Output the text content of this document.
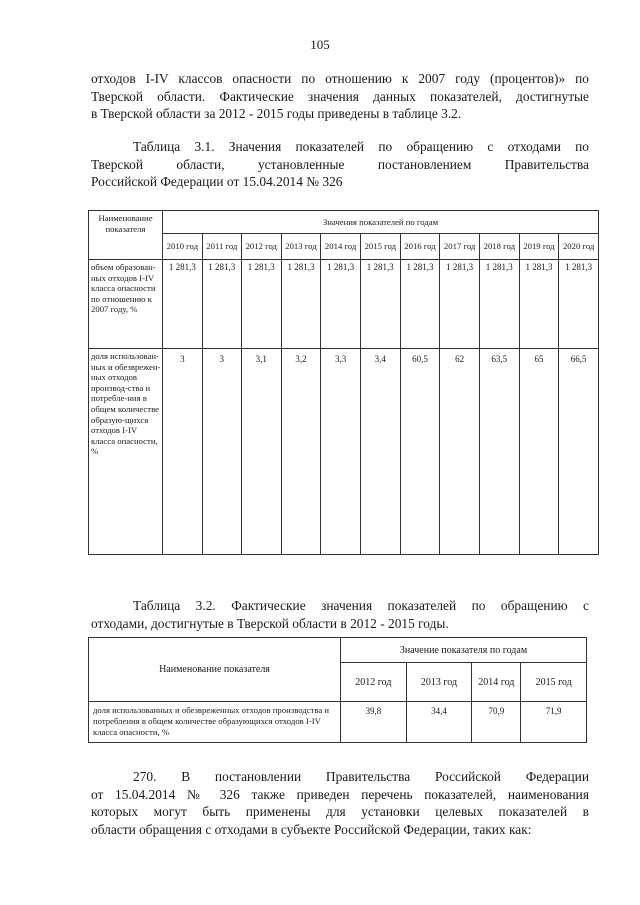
105
отходов I-IV классов опасности по отношению к 2007 году (процентов)» по
Тверской области. Фактические значения данных показателей, достигнутые
в Тверской области за 2012 - 2015 годы приведены в таблице 3.2.
Таблица 3.1. Значения показателей по обращению с отходами по
Тверской области, установленные постановлением Правительства
Российской Федерации от 15.04.2014 № 326
Наименование показателя	Значения показателей по годам										
	2010 год	2011 год	2012 год	2013 год	2014 год	2015 год	2016 год	2017 год	2018 год	2019 год	2020 год
объем образован-ных отходов I-IV класса опасности по отношению к 2007 году, %	1 281,3	1 281,3	1 281,3	1 281,3	1 281,3	1 281,3	1 281,3	1 281,3	1 281,3	1 281,3	1 281,3
доля использован-ных и обезврежен-ных отходов производ-ства и потребле-ния в общем количестве образую-щихся отходов I-IV класса опасности, %	3	3	3,1	3,2	3,3	3,4	60,5	62	63,5	65	66,5
Таблица 3.2. Фактические значения показателей по обращению с
отходами, достигнутые в Тверской области в 2012 - 2015 годы.
Наименование показателя	Значение показателя по годам			
	2012 год	2013 год	2014 год	2015 год
доля использованных и обезвреженных отходов производства и потребления в общем количестве образующихся отходов I-IV класса опасности, %	39,8	34,4	70,9	71,9
270. В постановлении Правительства Российской Федерации
от 15.04.2014 № 326 также приведен перечень показателей, наименования
которых могут быть применены для установки целевых показателей в
области обращения с отходами в субъекте Российской Федерации, таких как:
